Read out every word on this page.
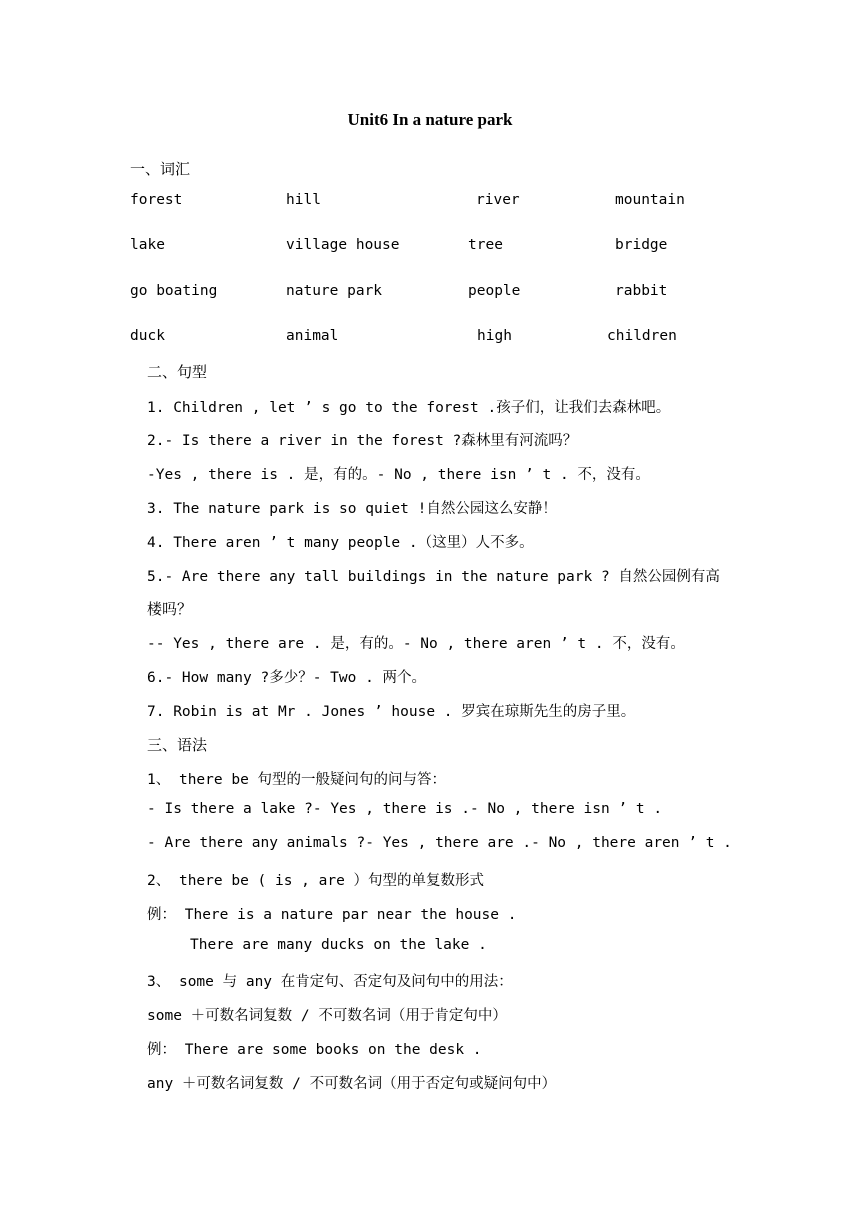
Unit6 In a nature park
一、词汇
forest	hill	river	mountain
lake	village house	tree	bridge
go boating	nature park	people	rabbit
duck	animal	high	children
二、句型
1. Children , let ’ s go to the forest .孩子们，让我们去森林吧。
2.- Is there a river in the forest ?森林里有河流吗？
-Yes , there is . 是，有的。- No , there isn ’ t . 不，没有。
3. The nature park is so quiet !自然公园这么安静！
4. There aren ’ t many people .（这里）人不多。
5.- Are there any tall buildings in the nature park ? 自然公园例有高
楼吗？
-- Yes , there are . 是，有的。- No , there aren ’ t . 不，没有。
6.- How many ?多少？- Two . 两个。
7. Robin is at Mr . Jones ’ house . 罗宾在琼斯先生的房子里。
三、语法
1、 there be 句型的一般疑问句的问与答：
- Is there a lake ?- Yes , there is .- No , there isn ’ t .
- Are there any animals ?- Yes , there are .- No , there aren ’ t .
2、 there be ( is , are ）句型的单复数形式
例： There is a nature par near the house .
There are many ducks on the lake .
3、 some 与 any 在肯定句、否定句及问句中的用法：
some ＋可数名词复数 / 不可数名词（用于肯定句中）
例： There are some books on the desk .
any ＋可数名词复数 / 不可数名词（用于否定句或疑问句中）
